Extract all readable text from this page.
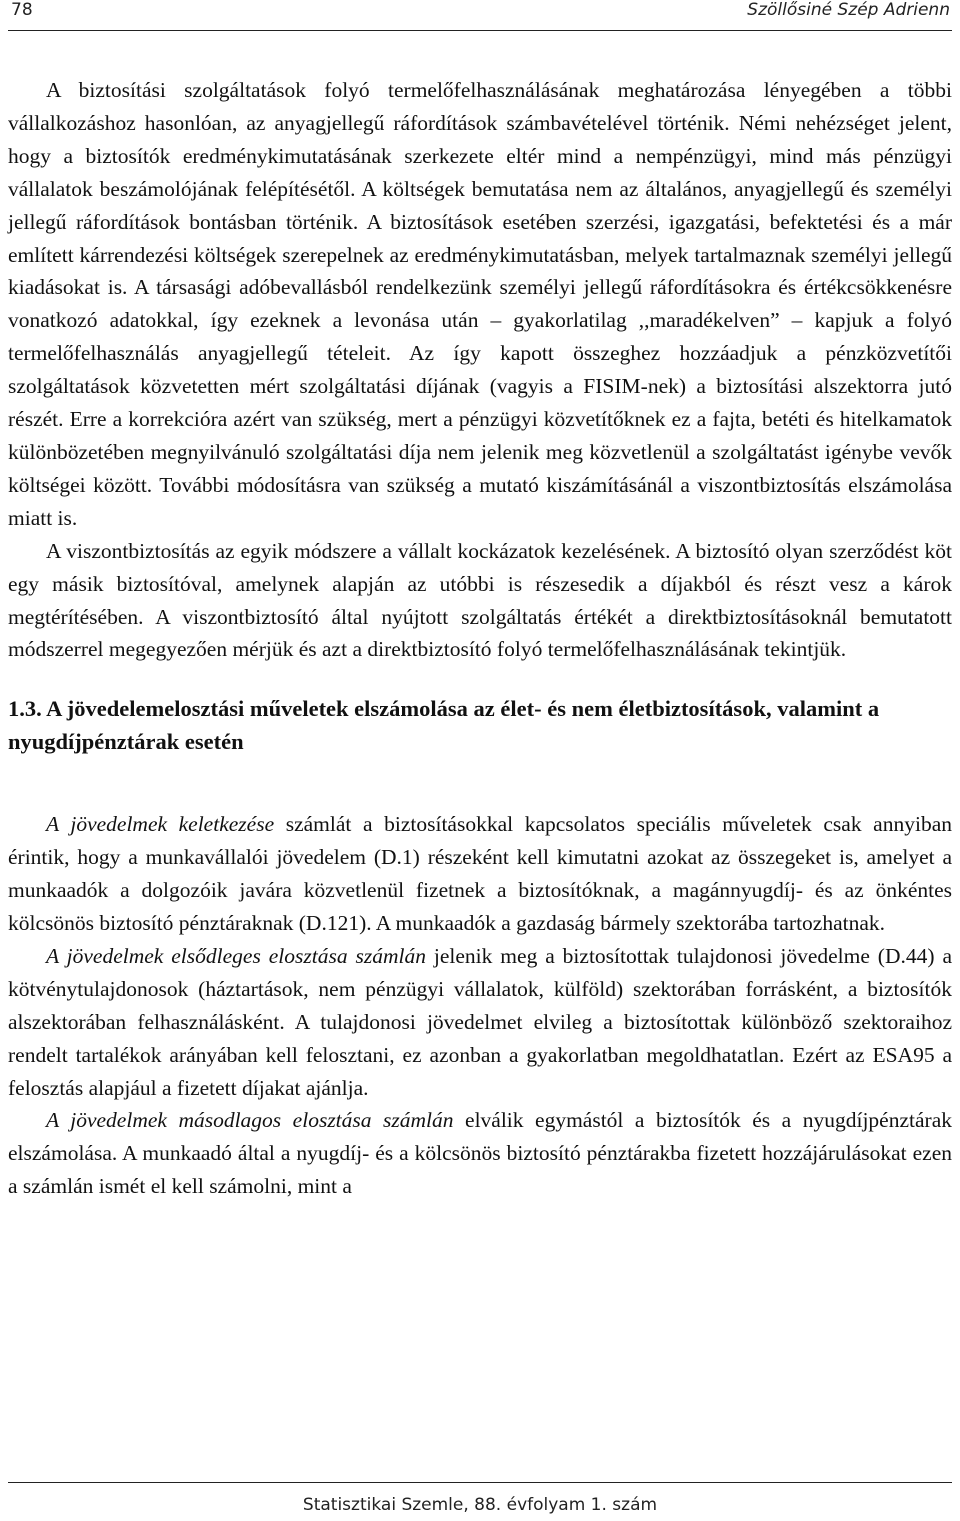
78	Szöllősiné Szép Adrienn

A biztosítási szolgáltatások folyó termelőfelhasználásának meghatározása lényegében a többi vállalkozáshoz hasonlóan, az anyagjellegű ráfordítások számbavételével történik. Némi nehézséget jelent, hogy a biztosítók eredménykimutatásának szerkezete eltér mind a nempénzügyi, mind más pénzügyi vállalatok beszámolójának felépítésétől. A költségek bemutatása nem az általános, anyagjellegű és személyi jellegű ráfordítások bontásban történik. A biztosítások esetében szerzési, igazgatási, befektetési és a már említett kárrendezési költségek szerepelnek az eredménykimutatásban, melyek tartalmaznak személyi jellegű kiadásokat is. A társasági adóbevallásból rendelkezünk személyi jellegű ráfordításokra és értékcsökkenésre vonatkozó adatokkal, így ezeknek a levonása után – gyakorlatilag ,,maradékelven” – kapjuk a folyó termelőfelhasználás anyagjellegű tételeit. Az így kapott összeghez hozzáadjuk a pénzközvetítői szolgáltatások közvetetten mért szolgáltatási díjának (vagyis a FISIM-nek) a biztosítási alszektorra jutó részét. Erre a korrekcióra azért van szükség, mert a pénzügyi közvetítőknek ez a fajta, betéti és hitelkamatok különbözetében megnyilvánuló szolgáltatási díja nem jelenik meg közvetlenül a szolgáltatást igénybe vevők költségei között. További módosításra van szükség a mutató kiszámításánál a viszontbiztosítás elszámolása miatt is.

A viszontbiztosítás az egyik módszere a vállalt kockázatok kezelésének. A biztosító olyan szerződést köt egy másik biztosítóval, amelynek alapján az utóbbi is részesedik a díjakból és részt vesz a károk megtérítésében. A viszontbiztosító által nyújtott szolgáltatás értékét a direktbiztosításoknál bemutatott módszerrel megegyezően mérjük és azt a direktbiztosító folyó termelőfelhasználásának tekintjük.

1.3. A jövedelemelosztási műveletek elszámolása az élet- és nem életbiztosítások, valamint a nyugdíjpénztárak esetén

A jövedelmek keletkezése számlát a biztosításokkal kapcsolatos speciális műveletek csak annyiban érintik, hogy a munkavállalói jövedelem (D.1) részeként kell kimutatni azokat az összegeket is, amelyet a munkaadók a dolgozóik javára közvetlenül fizetnek a biztosítóknak, a magánnyugdíj- és az önkéntes kölcsönös biztosító pénztáraknak (D.121). A munkaadók a gazdaság bármely szektorába tartozhatnak.

A jövedelmek elsődleges elosztása számlán jelenik meg a biztosítottak tulajdonosi jövedelme (D.44) a kötvénytulajdonosok (háztartások, nem pénzügyi vállalatok, külföld) szektorában forrásként, a biztosítók alszektorában felhasználásként. A tulajdonosi jövedelmet elvileg a biztosítottak különböző szektoraihoz rendelt tartalékok arányában kell felosztani, ez azonban a gyakorlatban megoldhatatlan. Ezért az ESA95 a felosztás alapjául a fizetett díjakat ajánlja.

A jövedelmek másodlagos elosztása számlán elválik egymástól a biztosítók és a nyugdíjpénztárak elszámolása. A munkaadó által a nyugdíj- és a kölcsönös biztosító pénztárakba fizetett hozzájárulásokat ezen a számlán ismét el kell számolni, mint a

Statisztikai Szemle, 88. évfolyam 1. szám
